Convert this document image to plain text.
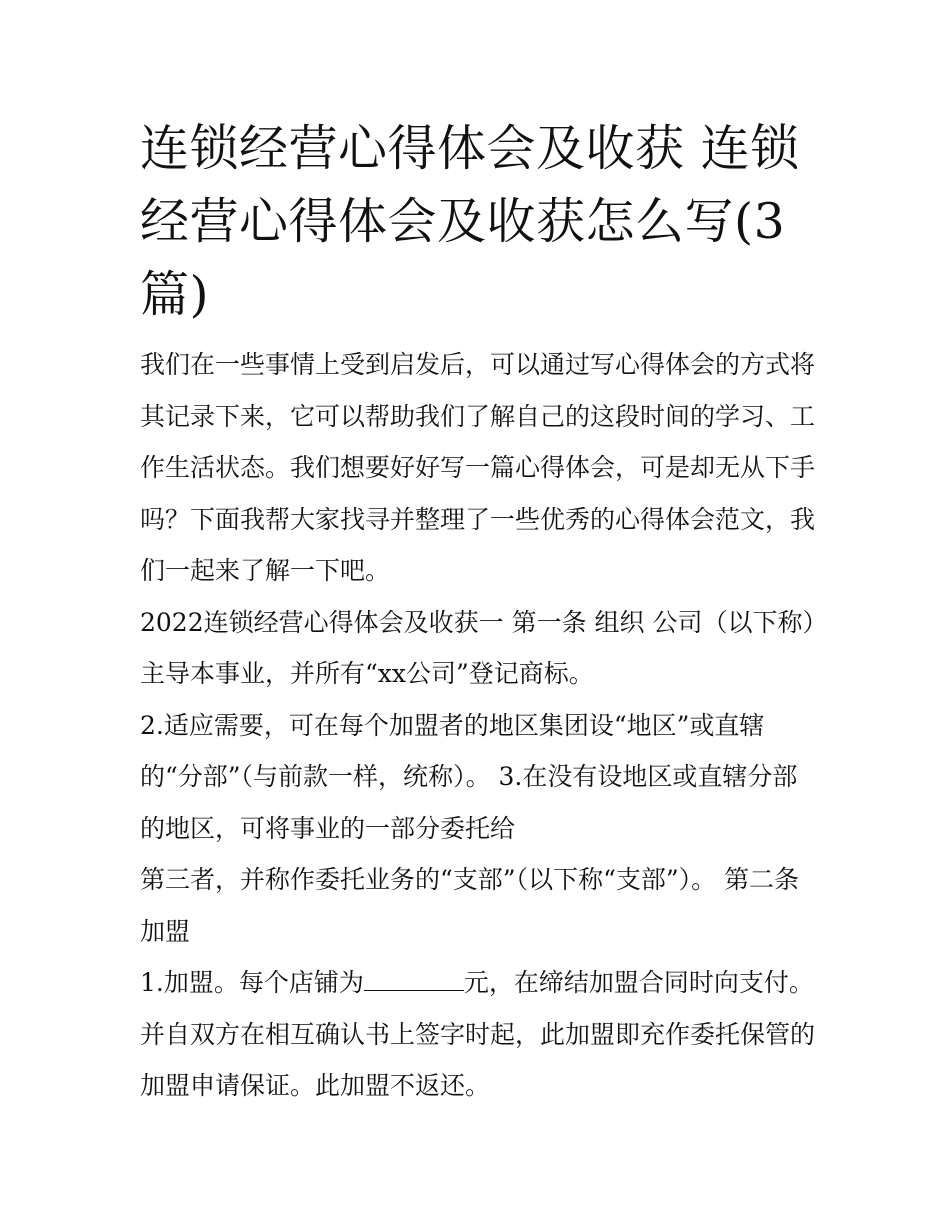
连锁经营心得体会及收获 连锁经营心得体会及收获怎么写(3篇)

我们在一些事情上受到启发后，可以通过写心得体会的方式将其记录下来，它可以帮助我们了解自己的这段时间的学习、工作生活状态。我们想要好好写一篇心得体会，可是却无从下手吗？下面我帮大家找寻并整理了一些优秀的心得体会范文，我们一起来了解一下吧。

2022连锁经营心得体会及收获一 第一条 组织 公司（以下称）主导本事业，并所有“xx公司”登记商标。

2.适应需要，可在每个加盟者的地区集团设“地区”或直辖

的“分部”（与前款一样，统称）。 3.在没有设地区或直辖分部的地区，可将事业的一部分委托给

第三者，并称作委托业务的“支部”（以下称“支部”）。 第二条 加盟

1.加盟。每个店铺为	元，在缔结加盟合同时向支付。并自双方在相互确认书上签字时起，此加盟即充作委托保管的加盟申请保证。此加盟不返还。
